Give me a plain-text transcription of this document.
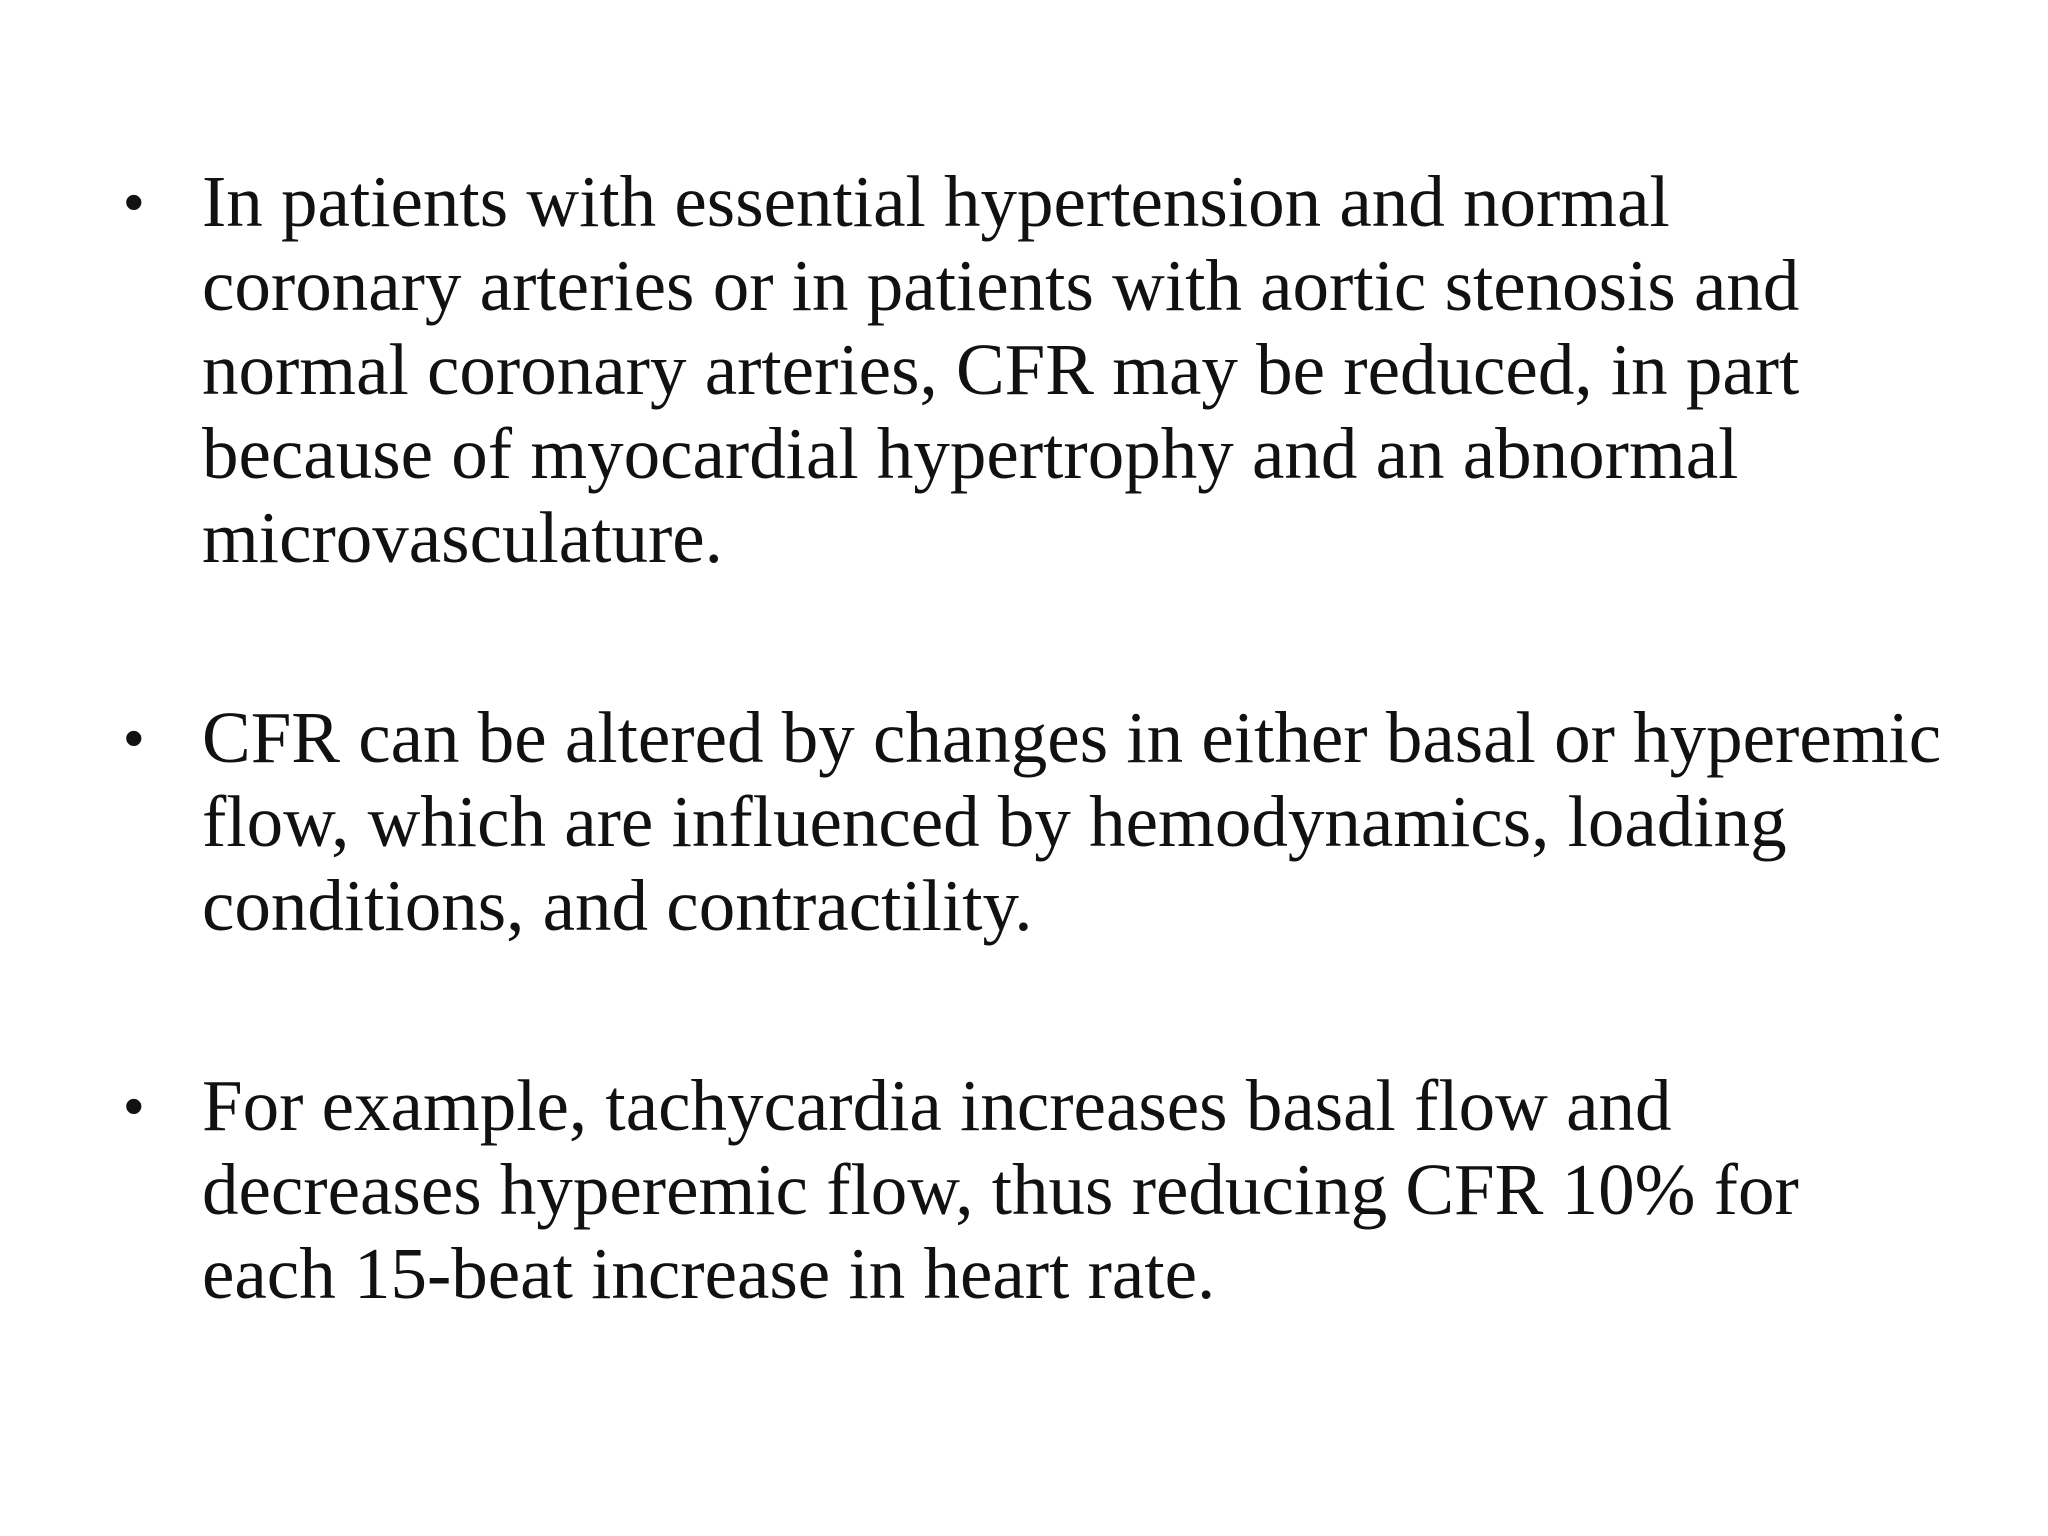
• In patients with essential hypertension and normal coronary arteries or in patients with aortic stenosis and normal coronary arteries, CFR may be reduced, in part because of myocardial hypertrophy and an abnormal microvasculature.
• CFR can be altered by changes in either basal or hyperemic flow, which are influenced by hemodynamics, loading conditions, and contractility.
• For example, tachycardia increases basal flow and decreases hyperemic flow, thus reducing CFR 10% for each 15-beat increase in heart rate.
